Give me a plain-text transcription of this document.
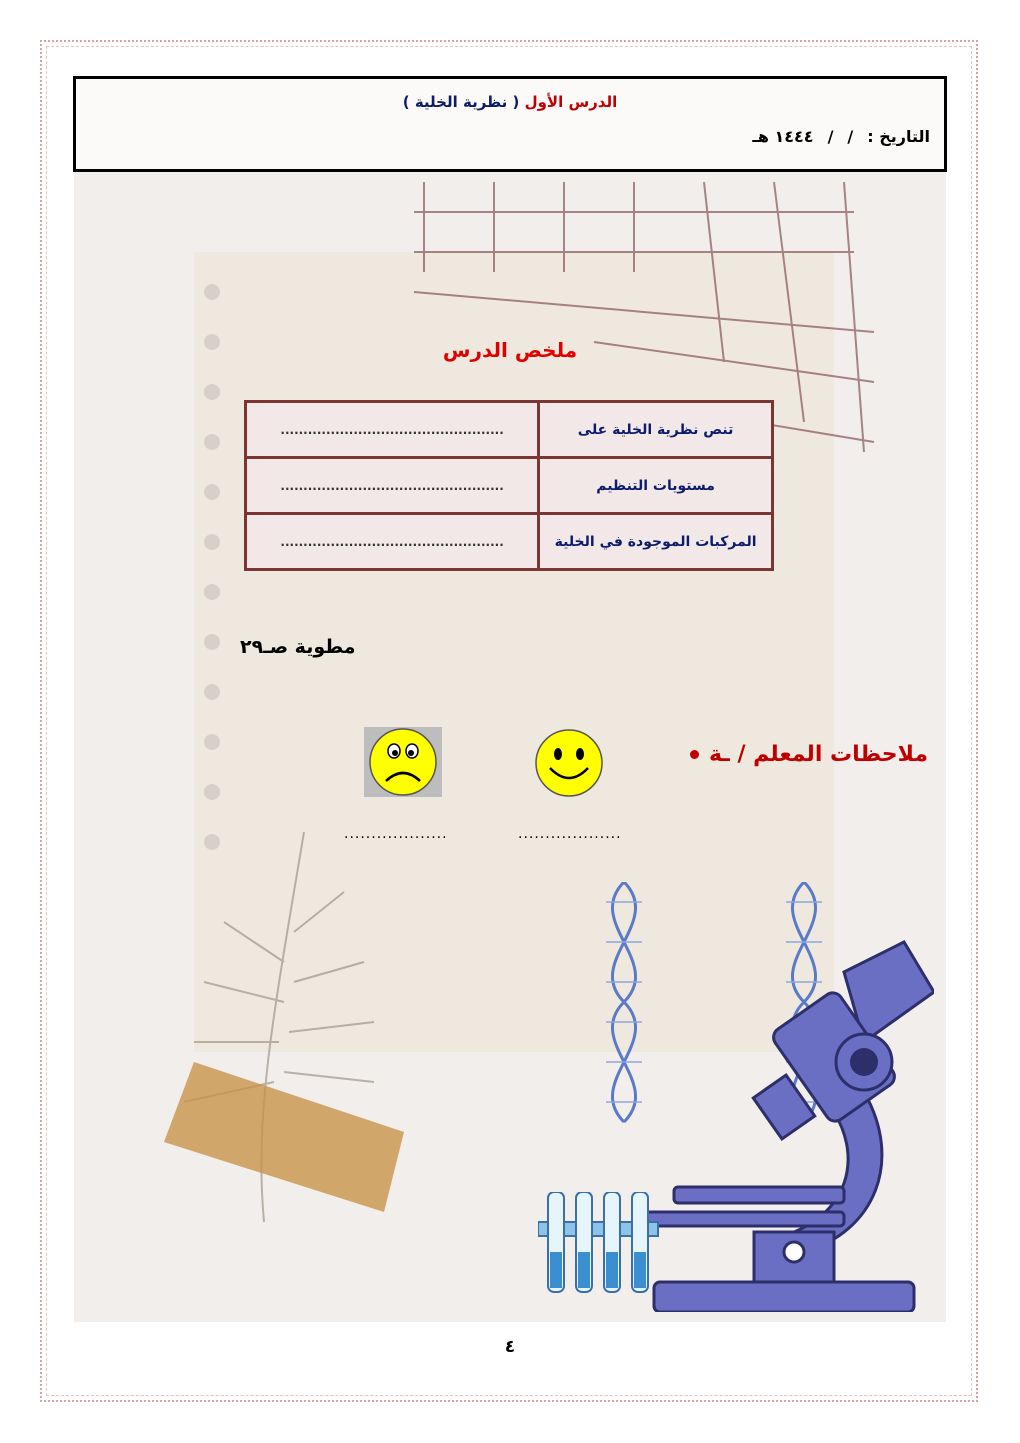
الدرس الأول ( نظرية الخلية )
التاريخ :
/
/
١٤٤٤ هـ
ملخص الدرس
تنص نظرية الخلية على	.................................................
مستويات التنظيم	.................................................
المركبات الموجودة في الخلية	.................................................
مطوية صـ٢٩
ملاحظات المعلم / ـة
...................
...................
٤
